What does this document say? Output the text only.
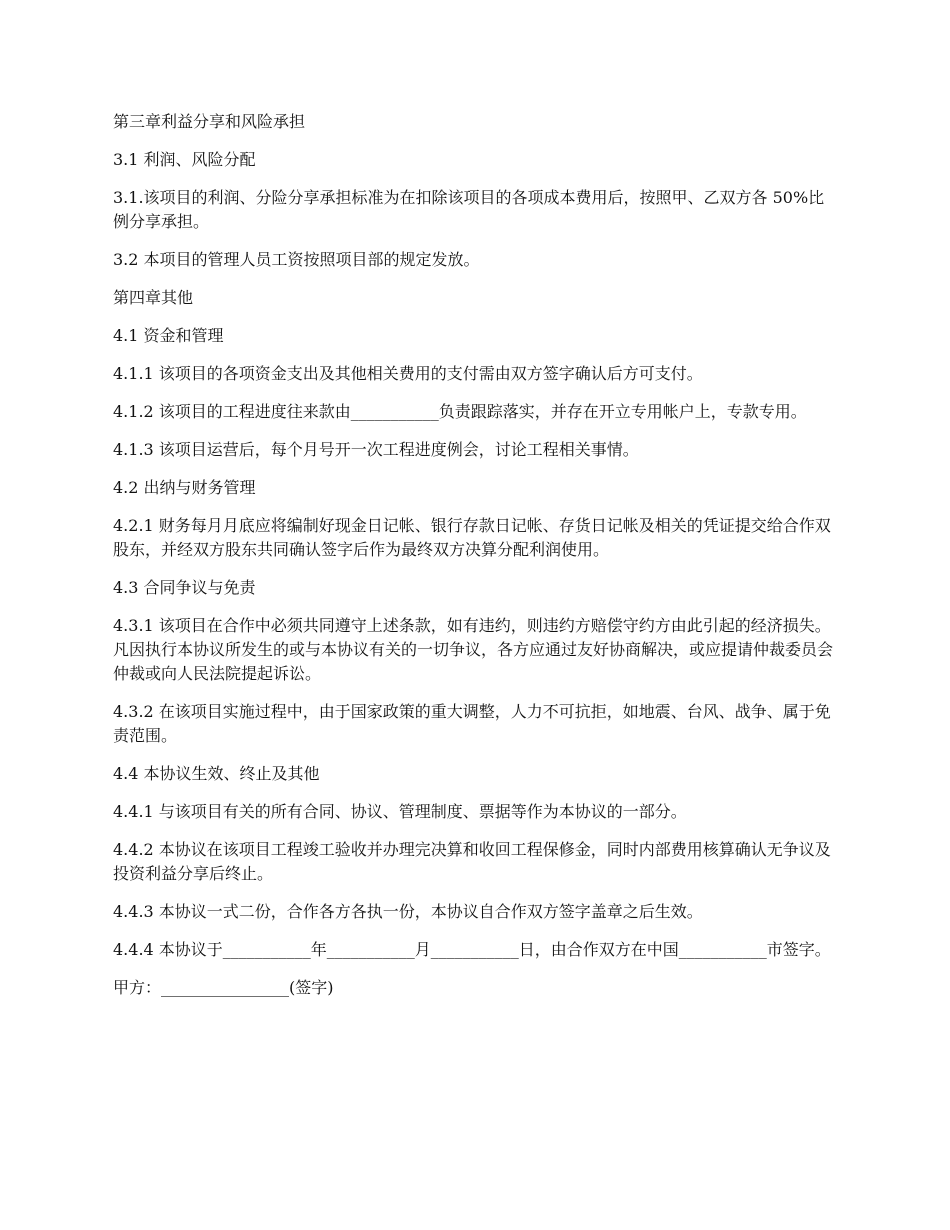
第三章利益分享和风险承担

3.1 利润、风险分配

3.1.该项目的利润、分险分享承担标准为在扣除该项目的各项成本费用后，按照甲、乙双方各 50%比例分享承担。

3.2 本项目的管理人员工资按照项目部的规定发放。

第四章其他

4.1 资金和管理

4.1.1 该项目的各项资金支出及其他相关费用的支付需由双方签字确认后方可支付。

4.1.2 该项目的工程进度往来款由___________负责跟踪落实，并存在开立专用帐户上，专款专用。

4.1.3 该项目运营后，每个月号开一次工程进度例会，讨论工程相关事情。

4.2 出纳与财务管理

4.2.1 财务每月月底应将编制好现金日记帐、银行存款日记帐、存货日记帐及相关的凭证提交给合作双股东，并经双方股东共同确认签字后作为最终双方决算分配利润使用。

4.3 合同争议与免责

4.3.1 该项目在合作中必须共同遵守上述条款，如有违约，则违约方赔偿守约方由此引起的经济损失。凡因执行本协议所发生的或与本协议有关的一切争议，各方应通过友好协商解决，或应提请仲裁委员会仲裁或向人民法院提起诉讼。

4.3.2 在该项目实施过程中，由于国家政策的重大调整，人力不可抗拒，如地震、台风、战争、属于免责范围。

4.4 本协议生效、终止及其他

4.4.1 与该项目有关的所有合同、协议、管理制度、票据等作为本协议的一部分。

4.4.2 本协议在该项目工程竣工验收并办理完决算和收回工程保修金，同时内部费用核算确认无争议及投资利益分享后终止。

4.4.3 本协议一式二份，合作各方各执一份，本协议自合作双方签字盖章之后生效。

4.4.4 本协议于___________年___________月___________日，由合作双方在中国___________市签字。

甲方：________________(签字)
